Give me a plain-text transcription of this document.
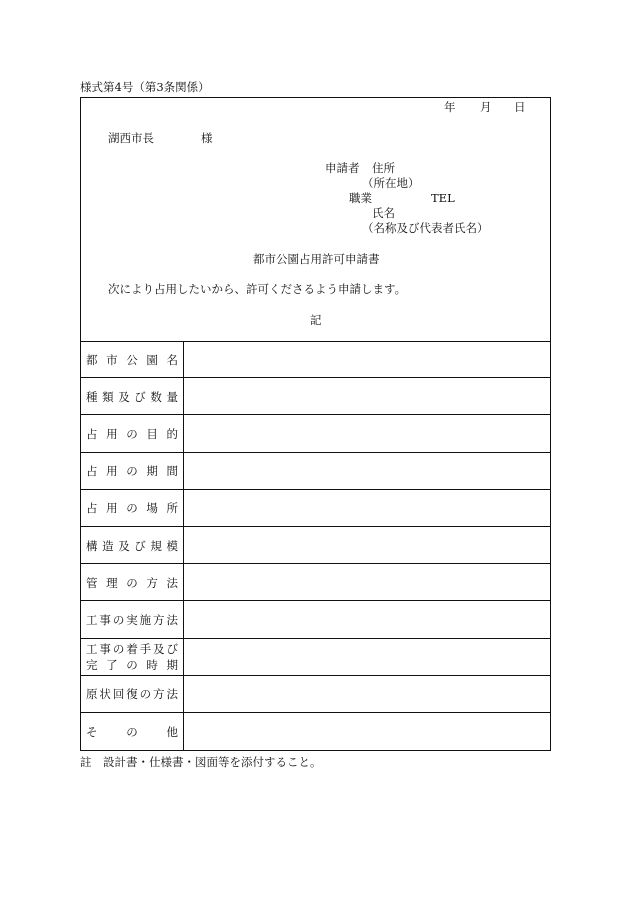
様式第4号（第3条関係）
年 月 日
湖西市長	様
申請者 住所
（所在地）
職業	TEL
氏名
（名称及び代表者氏名）
都市公園占用許可申請書
次により占用したいから、許可くださるよう申請します。
記
都 市 公 園 名
種 類 及 び 数 量
占 用 の 目 的
占 用 の 期 間
占 用 の 場 所
構 造 及 び 規 模
管 理 の 方 法
工 事 の 実 施 方 法
工 事 の 着 手 及 び
完 了 の 時 期
原 状 回 復 の 方 法
そ	の	他
註　設計書・仕様書・図面等を添付すること。
